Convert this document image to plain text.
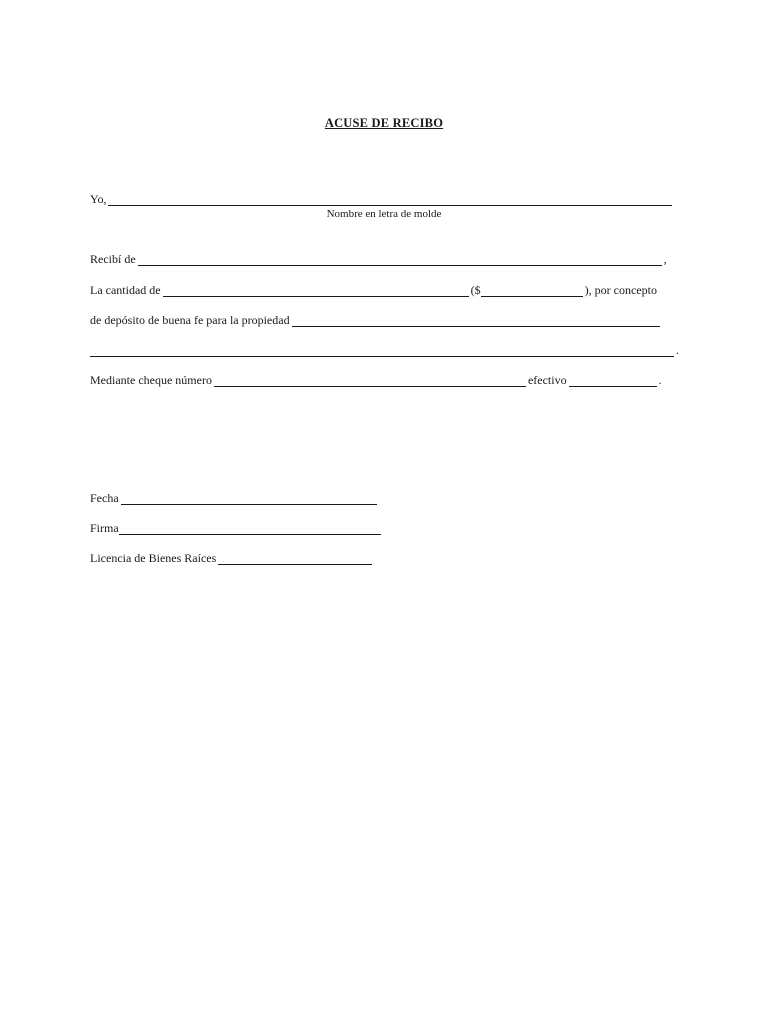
ACUSE DE RECIBO
Yo,
Nombre en letra de molde
Recibí de	,
La cantidad de	($	), por concepto
de depósito de buena fe para la propiedad
.
Mediante cheque número	efectivo	.
Fecha
Firma
Licencia de Bienes Raíces
